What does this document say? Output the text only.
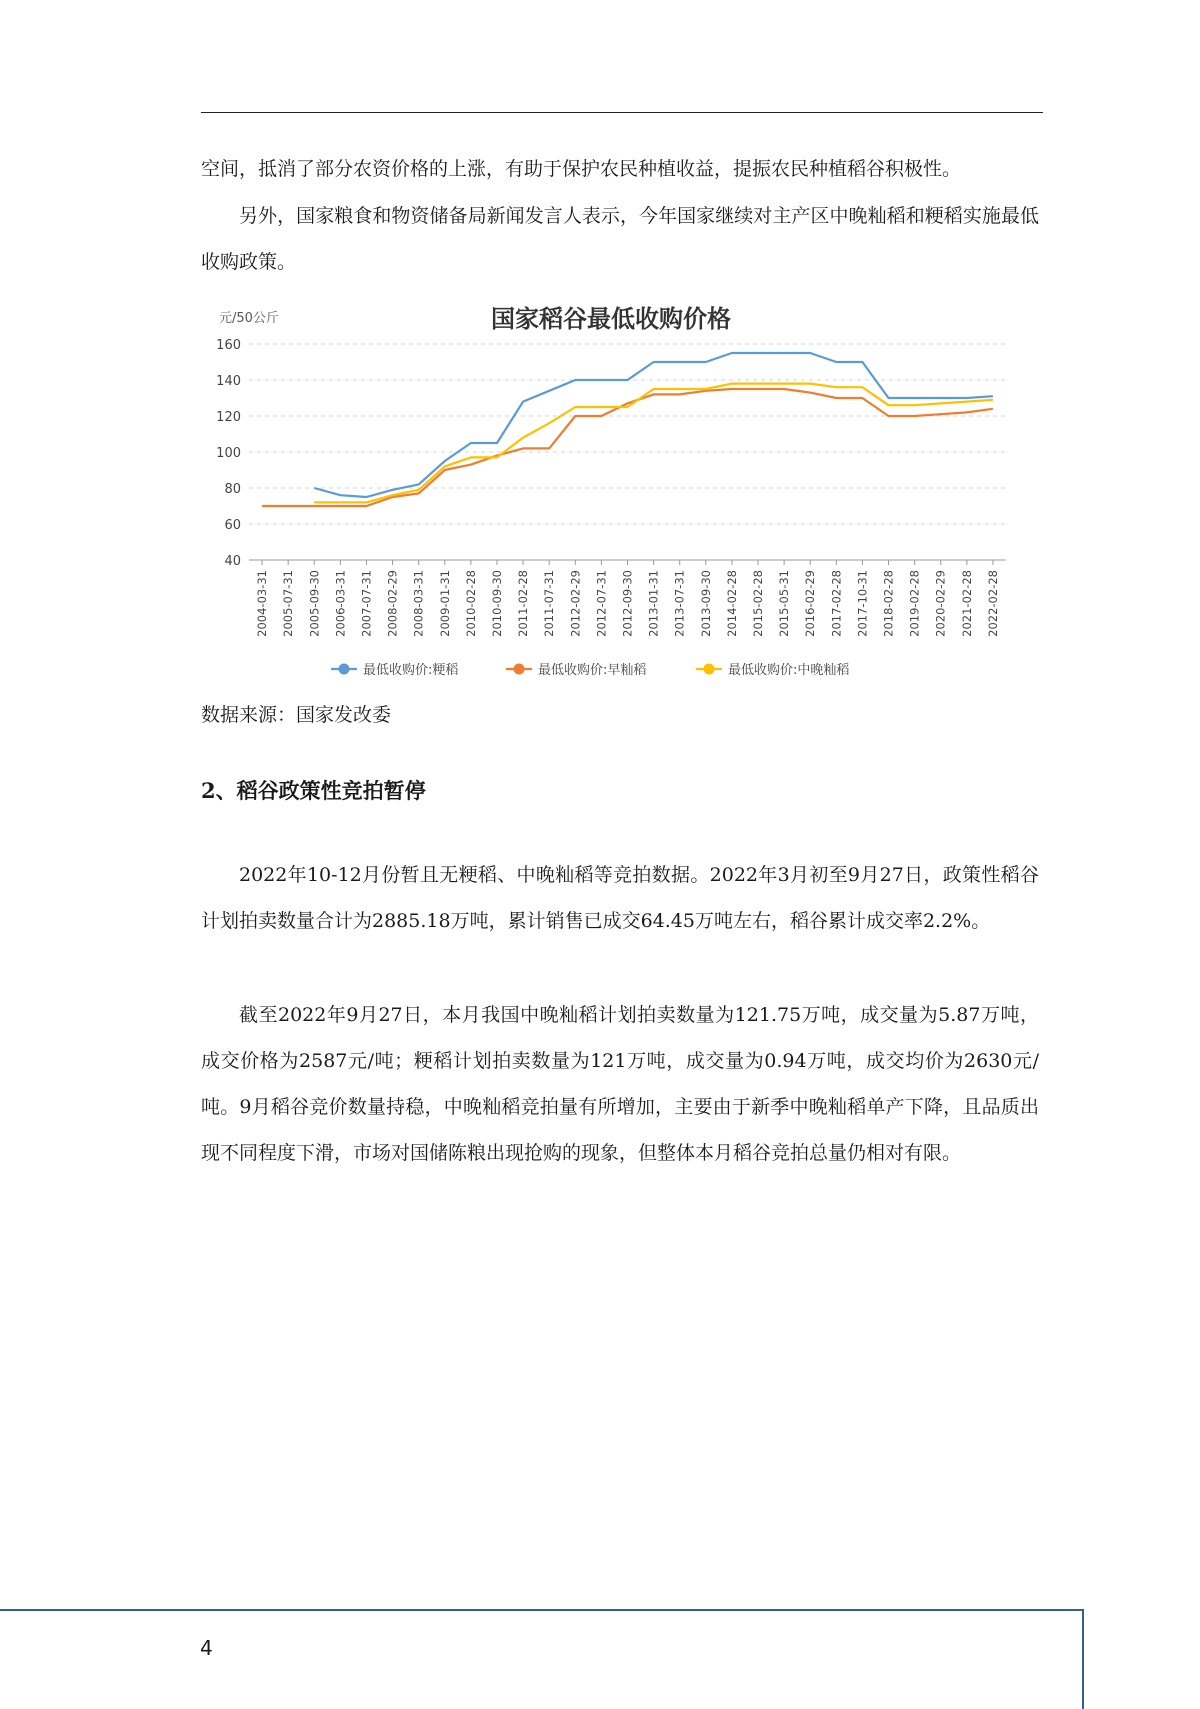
空间，抵消了部分农资价格的上涨，有助于保护农民种植收益，提振农民种植稻谷积极性。

另外，国家粮食和物资储备局新闻发言人表示，今年国家继续对主产区中晚籼稻和粳稻实施最低收购政策。

国家稻谷最低收购价格
元/50公斤
40
60
80
100
120
140
160
2004-03-31 2005-07-31 2005-09-30 2006-03-31 2007-07-31 2008-02-29 2008-03-31 2009-01-31 2010-02-28 2010-09-30 2011-02-28 2011-07-31 2012-02-29 2012-07-31 2012-09-30 2013-01-31 2013-07-31 2013-09-30 2014-02-28 2015-02-28 2015-05-31 2016-02-29 2017-02-28 2017-10-31 2018-02-28 2019-02-28 2020-02-29 2021-02-28 2022-02-28
最低收购价:粳稻	最低收购价:早籼稻	最低收购价:中晚籼稻

数据来源：国家发改委

2、稻谷政策性竞拍暂停

2022年10-12月份暂且无粳稻、中晚籼稻等竞拍数据。2022年3月初至9月27日，政策性稻谷计划拍卖数量合计为2885.18万吨，累计销售已成交64.45万吨左右，稻谷累计成交率2.2%。

截至2022年9月27日，本月我国中晚籼稻计划拍卖数量为121.75万吨，成交量为5.87万吨，成交价格为2587元/吨；粳稻计划拍卖数量为121万吨，成交量为0.94万吨，成交均价为2630元/吨。9月稻谷竞价数量持稳，中晚籼稻竞拍量有所增加，主要由于新季中晚籼稻单产下降，且品质出现不同程度下滑，市场对国储陈粮出现抢购的现象，但整体本月稻谷竞拍总量仍相对有限。

4
